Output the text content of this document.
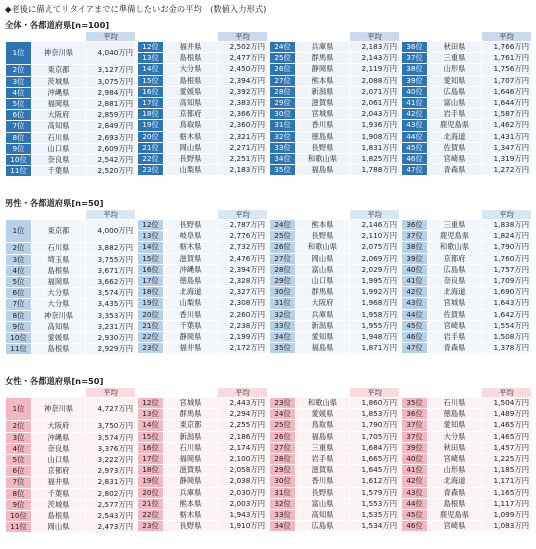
◆老後に備えてリタイアまでに準備したいお金の平均　(数値入力形式)
全体・各都道府県[n=100]
		平均
1位	神奈川県	4,040万円
2位	東京都	3,127万円
3位	茨城県	3,075万円
4位	沖縄県	2,984万円
5位	福岡県	2,881万円
6位	大阪府	2,859万円
7位	高知県	2,849万円
8位	石川県	2,693万円
9位	山口県	2,609万円
10位	奈良県	2,542万円
11位	千葉県	2,520万円
		平均
12位	福井県	2,502万円
13位	島根県	2,477万円
14位	大分県	2,450万円
15位	島根県	2,394万円
16位	愛媛県	2,392万円
17位	高知県	2,383万円
18位	京都府	2,366万円
19位	鳥取県	2,360万円
20位	栃木県	2,321万円
21位	岡山県	2,271万円
22位	長野県	2,251万円
23位	山梨県	2,183万円
		平均
24位	兵庫県	2,183万円
25位	群馬県	2,143万円
26位	静岡県	2,119万円
27位	熊本県	2,088万円
28位	新潟県	2,071万円
29位	滋賀県	2,061万円
30位	宮城県	2,043万円
31位	香川県	1,936万円
32位	徳島県	1,908万円
33位	長野県	1,831万円
34位	和歌山県	1,825万円
35位	福島県	1,788万円
		平均
36位	秋田県	1,766万円
37位	三重県	1,761万円
38位	山形県	1,756万円
39位	愛知県	1,707万円
40位	広島県	1,646万円
41位	富山県	1,644万円
42位	岩手県	1,587万円
43位	鹿児島県	1,462万円
44位	北海道	1,431万円
45位	佐賀県	1,347万円
46位	宮崎県	1,319万円
47位	青森県	1,272万円
男性・各都道府県[n=50]
		平均
1位	東京都	4,000万円
2位	石川県	3,882万円
3位	埼玉県	3,755万円
4位	島根県	3,671万円
5位	福岡県	3,662万円
6位	大分県	3,574万円
7位	大分県	3,435万円
8位	神奈川県	3,353万円
9位	高知県	3,231万円
10位	愛媛県	2,930万円
11位	島根県	2,929万円
		平均
12位	長野県	2,787万円
13位	岐阜県	2,776万円
14位	栃木県	2,732万円
15位	滋賀県	2,476万円
16位	沖縄県	2,394万円
17位	徳島県	2,328万円
18位	北海道	2,327万円
19位	山梨県	2,308万円
20位	香川県	2,260万円
21位	千葉県	2,238万円
22位	静岡県	2,199万円
23位	福井県	2,172万円
		平均
24位	熊本県	2,146万円
25位	長野県	2,110万円
26位	和歌山県	2,075万円
27位	岡山県	2,069万円
28位	富山県	2,029万円
29位	山口県	1,995万円
30位	群馬県	1,992万円
31位	大阪府	1,968万円
32位	兵庫県	1,958万円
33位	新潟県	1,955万円
34位	愛知県	1,948万円
35位	福島県	1,871万円
		平均
36位	三重県	1,838万円
37位	鹿児島県	1,824万円
38位	和歌山県	1,790万円
39位	京都府	1,760万円
40位	広島県	1,757万円
41位	奈良県	1,709万円
42位	北海道	1,690万円
43位	宮城県	1,643万円
44位	佐賀県	1,642万円
45位	宮崎県	1,554万円
46位	岩手県	1,508万円
47位	青森県	1,378万円
女性・各都道府県[n=50]
		平均
1位	神奈川県	4,727万円
2位	大阪府	3,750万円
3位	沖縄県	3,574万円
4位	奈良県	3,376万円
5位	山口県	3,222万円
6位	京都府	2,973万円
7位	福井県	2,831万円
8位	千葉県	2,802万円
9位	茨城県	2,577万円
10位	島根県	2,543万円
11位	岡山県	2,473万円
		平均
12位	宮城県	2,443万円
13位	群馬県	2,294万円
14位	東京都	2,255万円
15位	新潟県	2,186万円
16位	石川県	2,174万円
17位	福岡県	2,100万円
18位	滋賀県	2,058万円
19位	静岡県	2,038万円
20位	兵庫県	2,030万円
21位	熊本県	2,003万円
22位	栃木県	1,943万円
23位	長野県	1,910万円
		平均
23位	和歌山県	1,860万円
24位	愛媛県	1,853万円
25位	鳥取県	1,790万円
26位	福島県	1,705万円
27位	三重県	1,684万円
28位	岩手県	1,665万円
29位	滋賀県	1,645万円
30位	香川県	1,612万円
31位	長野県	1,579万円
32位	富山県	1,553万円
33位	高知県	1,535万円
34位	広島県	1,534万円
		平均
35位	石川県	1,504万円
36位	徳島県	1,489万円
37位	愛知県	1,465万円
37位	大分県	1,465万円
39位	秋田県	1,457万円
40位	宮崎県	1,225万円
41位	山形県	1,185万円
42位	北海道	1,171万円
43位	青森県	1,165万円
44位	島根県	1,117万円
45位	鹿児島県	1,099万円
46位	宮崎県	1,083万円
